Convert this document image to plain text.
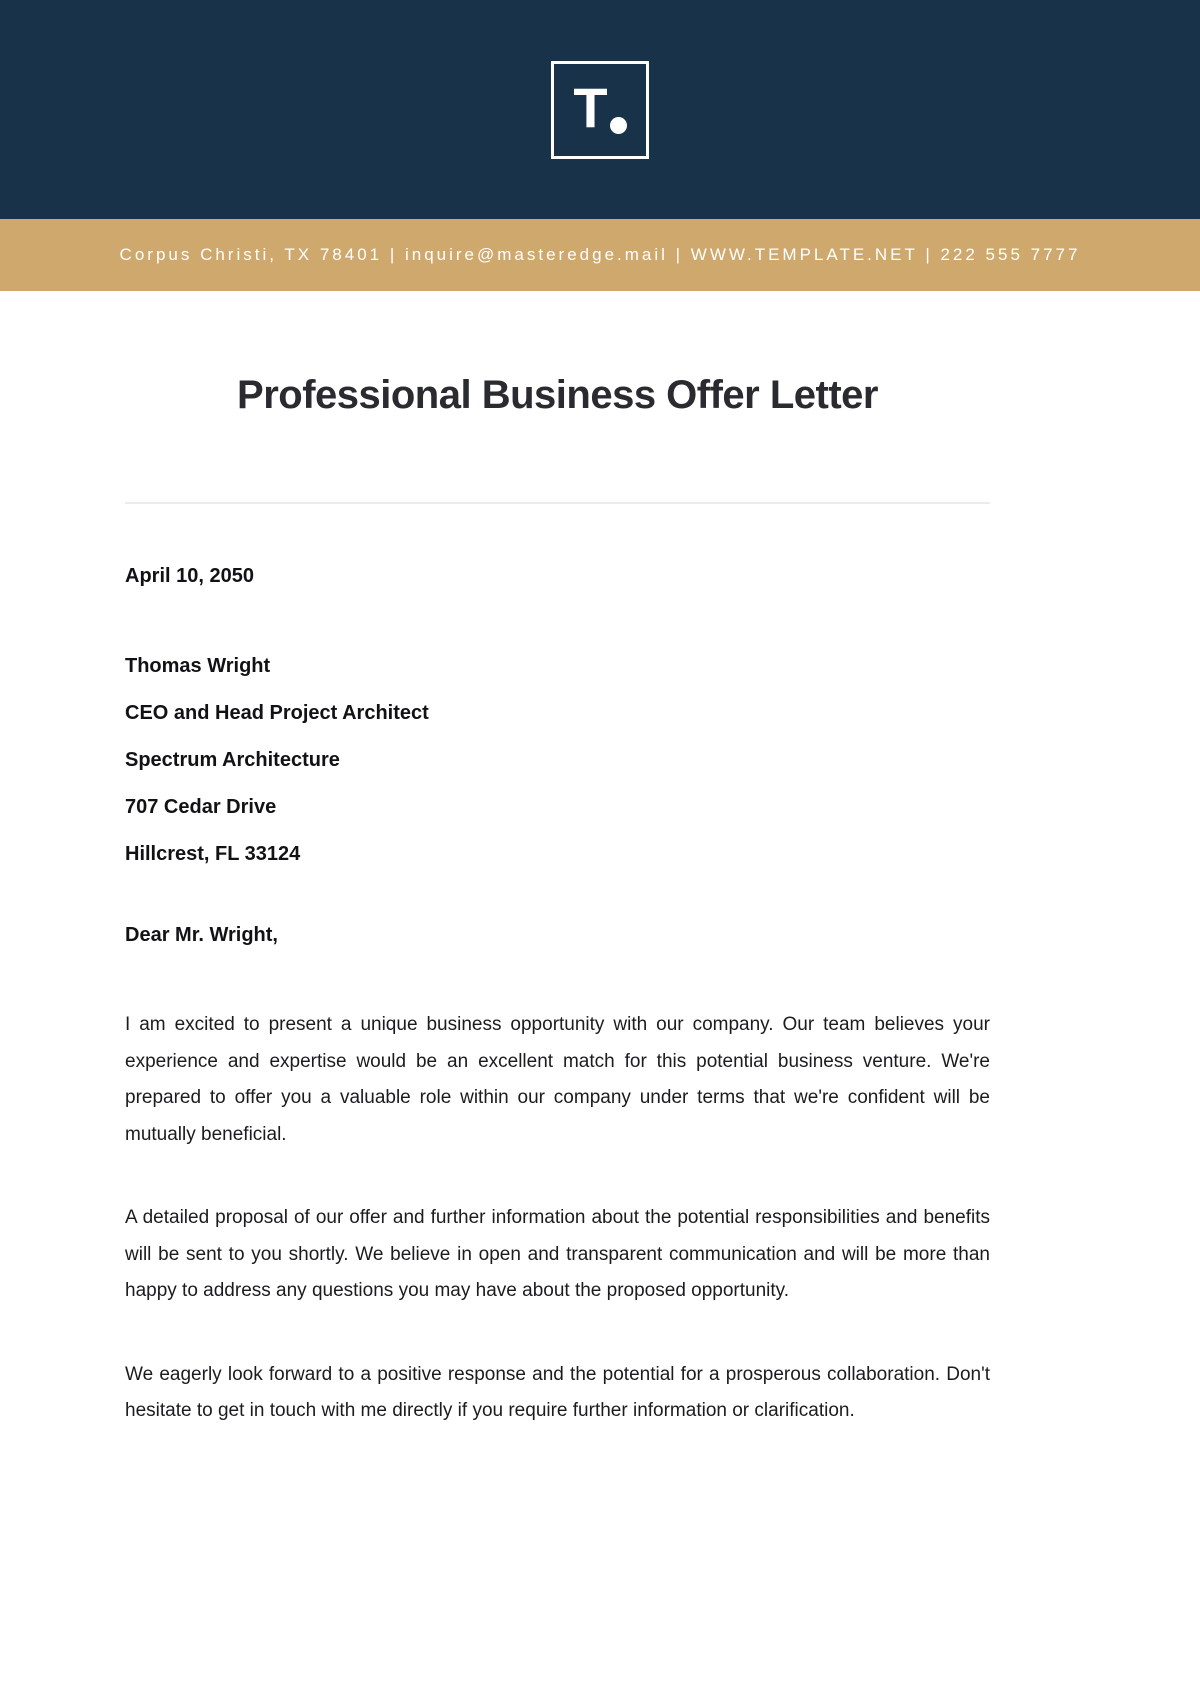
T
Corpus Christi, TX 78401 | inquire@masteredge.mail | WWW.TEMPLATE.NET | 222 555 7777
Professional Business Offer Letter
April 10, 2050
Thomas Wright
CEO and Head Project Architect
Spectrum Architecture
707 Cedar Drive
Hillcrest, FL 33124
Dear Mr. Wright,

I am excited to present a unique business opportunity with our company. Our team believes your experience and expertise would be an excellent match for this potential business venture. We're prepared to offer you a valuable role within our company under terms that we're confident will be mutually beneficial.

A detailed proposal of our offer and further information about the potential responsibilities and benefits will be sent to you shortly. We believe in open and transparent communication and will be more than happy to address any questions you may have about the proposed opportunity.

We eagerly look forward to a positive response and the potential for a prosperous collaboration. Don't hesitate to get in touch with me directly if you require further information or clarification.
